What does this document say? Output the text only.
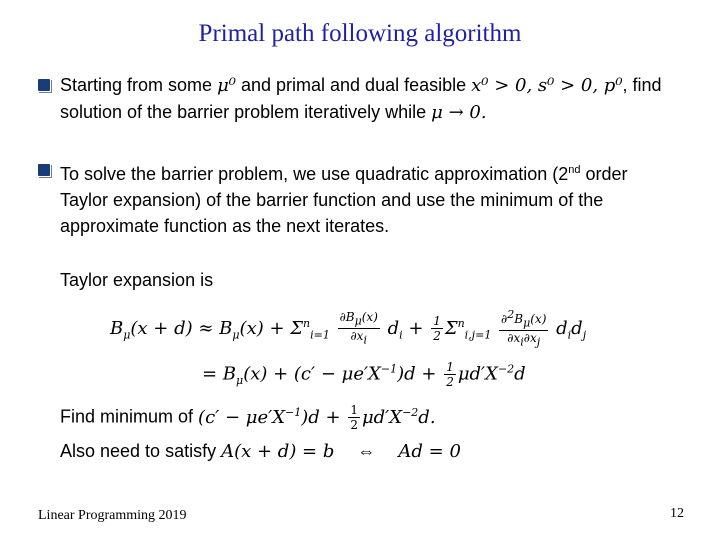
Primal path following algorithm
Starting from some μ⁰ and primal and dual feasible x⁰ > 0, s⁰ > 0, p⁰, find
solution of the barrier problem iteratively while μ → 0.
To solve the barrier problem, we use quadratic approximation (2nd order
Taylor expansion) of the barrier function and use the minimum of the
approximate function as the next iterates.
Taylor expansion is
$B_\mu(x + d) \approx B_\mu(x) + \Sigma^n_{i=1} \frac{\partial B_\mu(x)}{\partial x_i} d_i + \frac{1}{2} \Sigma^n_{i,j=1} \frac{\partial^2B_\mu(x)}{\partial x_i\partial x_j} d_id_j$
= $B_\mu(x) + (c' - \mu e'X^{-1})d + \frac{1}{2} \mu d'X^{-2}d$
Find minimum of $(c' - \mu e'X^{-1})d + \frac{1}{2} \mu d'X^{-2}d$.
Also need to satisfy A(x + d) = b ⇔ Ad = 0
Linear Programming 2019	12
